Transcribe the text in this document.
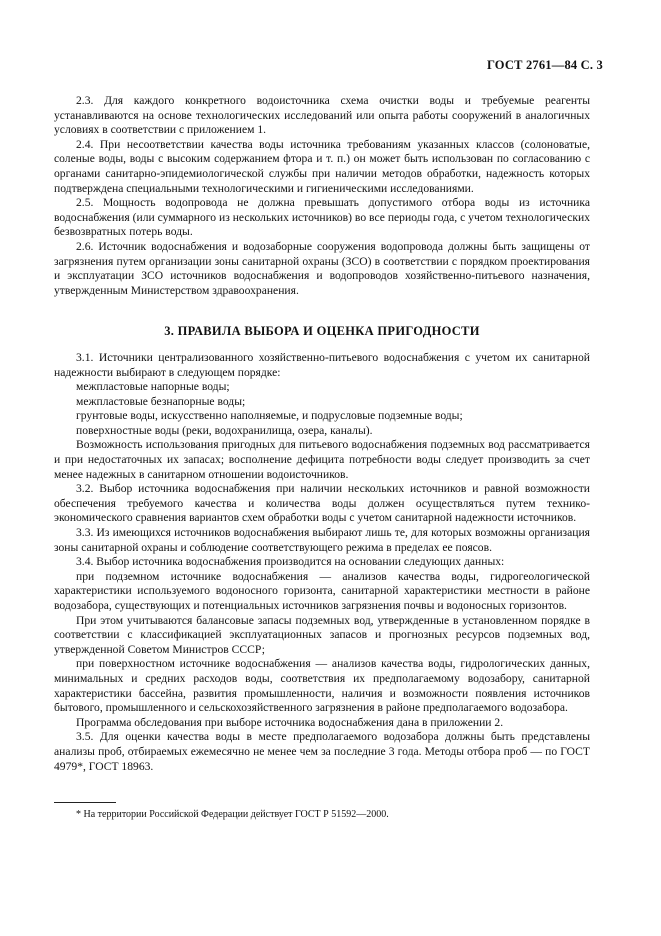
ГОСТ 2761—84 С. 3

2.3. Для каждого конкретного водоисточника схема очистки воды и требуемые реагенты устанавливаются на основе технологических исследований или опыта работы сооружений в аналогичных условиях в соответствии с приложением 1.

2.4. При несоответствии качества воды источника требованиям указанных классов (солоноватые, соленые воды, воды с высоким содержанием фтора и т. п.) он может быть использован по согласованию с органами санитарно-эпидемиологической службы при наличии методов обработки, надежность которых подтверждена специальными технологическими и гигиеническими исследованиями.

2.5. Мощность водопровода не должна превышать допустимого отбора воды из источника водоснабжения (или суммарного из нескольких источников) во все периоды года, с учетом технологических безвозвратных потерь воды.

2.6. Источник водоснабжения и водозаборные сооружения водопровода должны быть защищены от загрязнения путем организации зоны санитарной охраны (ЗСО) в соответствии с порядком проектирования и эксплуатации ЗСО источников водоснабжения и водопроводов хозяйственно-питьевого назначения, утвержденным Министерством здравоохранения.

3. ПРАВИЛА ВЫБОРА И ОЦЕНКА ПРИГОДНОСТИ

3.1. Источники централизованного хозяйственно-питьевого водоснабжения с учетом их санитарной надежности выбирают в следующем порядке:

межпластовые напорные воды;

межпластовые безнапорные воды;

грунтовые воды, искусственно наполняемые, и подрусловые подземные воды;

поверхностные воды (реки, водохранилища, озера, каналы).

Возможность использования пригодных для питьевого водоснабжения подземных вод рассматривается и при недостаточных их запасах; восполнение дефицита потребности воды следует производить за счет менее надежных в санитарном отношении водоисточников.

3.2. Выбор источника водоснабжения при наличии нескольких источников и равной возможности обеспечения требуемого качества и количества воды должен осуществляться путем технико-экономического сравнения вариантов схем обработки воды с учетом санитарной надежности источников.

3.3. Из имеющихся источников водоснабжения выбирают лишь те, для которых возможны организация зоны санитарной охраны и соблюдение соответствующего режима в пределах ее поясов.

3.4. Выбор источника водоснабжения производится на основании следующих данных:

при подземном источнике водоснабжения — анализов качества воды, гидрогеологической характеристики используемого водоносного горизонта, санитарной характеристики местности в районе водозабора, существующих и потенциальных источников загрязнения почвы и водоносных горизонтов.

При этом учитываются балансовые запасы подземных вод, утвержденные в установленном порядке в соответствии с классификацией эксплуатационных запасов и прогнозных ресурсов подземных вод, утвержденной Советом Министров СССР;

при поверхностном источнике водоснабжения — анализов качества воды, гидрологических данных, минимальных и средних расходов воды, соответствия их предполагаемому водозабору, санитарной характеристики бассейна, развития промышленности, наличия и возможности появления источников бытового, промышленного и сельскохозяйственного загрязнения в районе предполагаемого водозабора.

Программа обследования при выборе источника водоснабжения дана в приложении 2.

3.5. Для оценки качества воды в месте предполагаемого водозабора должны быть представлены анализы проб, отбираемых ежемесячно не менее чем за последние 3 года. Методы отбора проб — по ГОСТ 4979*, ГОСТ 18963.

* На территории Российской Федерации действует ГОСТ Р 51592—2000.
